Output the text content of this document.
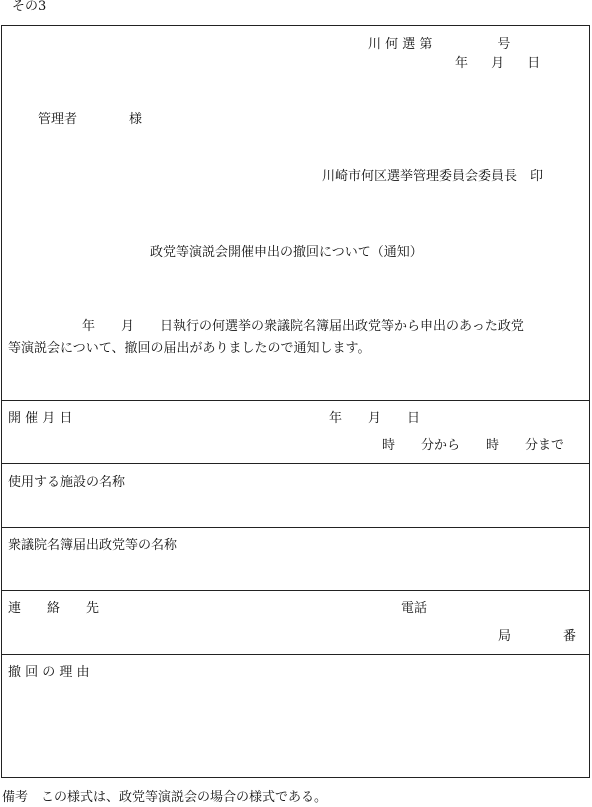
その3
川 何 選 第　　　　　号
年　 月　 日
管理者　　　　様
川崎市何区選挙管理委員会委員長　印
政党等演説会開催申出の撤回について（通知）
年　　月　　日執行の何選挙の衆議院名簿届出政党等から申出のあった政党
等演説会について、撤回の届出がありましたので通知します。
開 催 月 日	年　　月　　日
時　　分から　　時　　分まで
使用する施設の名称
衆議院名簿届出政党等の名称
連　　絡　　先	電話
局　　　　番
撤 回 の 理 由
備考　この様式は、政党等演説会の場合の様式である。
